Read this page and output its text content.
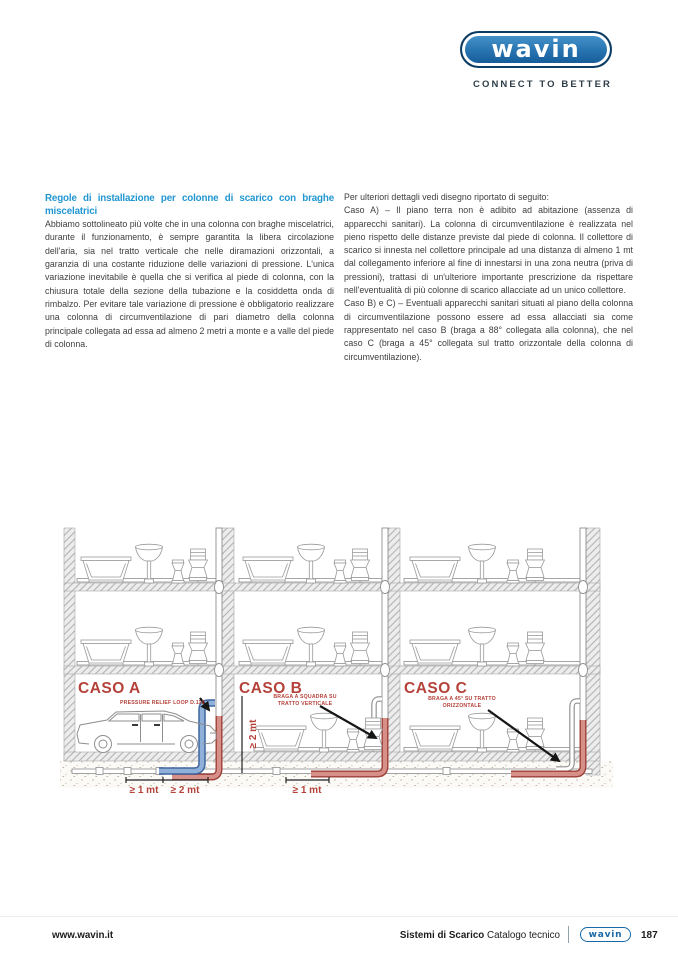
wavin
CONNECT TO BETTER

Regole di installazione per colonne di scarico con braghe miscelatrici

Abbiamo sottolineato più volte che in una colonna con braghe miscelatrici, durante il funzionamento, è sempre garantita la libera circolazione dell'aria, sia nel tratto verticale che nelle diramazioni orizzontali, a garanzia di una costante riduzione delle variazioni di pressione. L'unica variazione inevitabile è quella che si verifica al piede di colonna, con la chiusura totale della sezione della tubazione e la cosiddetta onda di rimbalzo. Per evitare tale variazione di pressione è obbligatorio realizzare una colonna di circumventilazione di pari diametro della colonna principale collegata ad essa ad almeno 2 metri a monte e a valle del piede di colonna.

Per ulteriori dettagli vedi disegno riportato di seguito:

Caso A) – Il piano terra non è adibito ad abitazione (assenza di apparecchi sanitari). La colonna di circumventilazione è realizzata nel pieno rispetto delle distanze previste dal piede di colonna. Il collettore di scarico si innesta nel collettore principale ad una distanza di almeno 1 mt dal collegamento inferiore al fine di innestarsi in una zona neutra (priva di pressioni), trattasi di un'ulteriore importante prescrizione da rispettare nell'eventualità di più colonne di scarico allacciate ad un unico collettore.

Caso B) e C) – Eventuali apparecchi sanitari situati al piano della colonna di circumventilazione possono essere ad essa allacciati sia come rappresentato nel caso B (braga a 88° collegata alla colonna), che nel caso C (braga a 45° collegata sul tratto orizzontale della colonna di circumventilazione).

CASO A	CASO B	CASO C
PRESSURE RELIEF LOOP D.110
BRAGA A SQUADRA SU
TRATTO VERTICALE
BRAGA A 45° SU TRATTO
ORIZZONTALE
≥ 2 mt
≥ 1 mt ≥ 2 mt	≥ 1 mt
www.wavin.it	Sistemi di Scarico Catalogo tecnico	wavin 187
